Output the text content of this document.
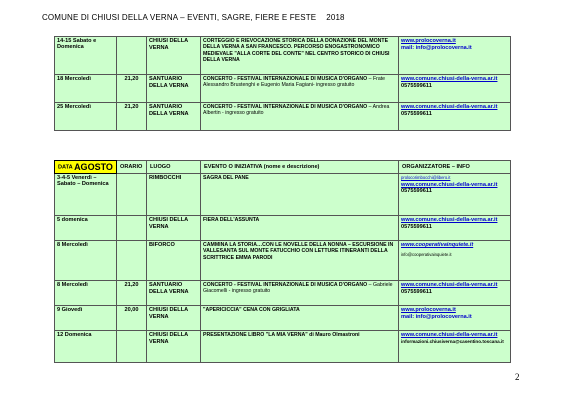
COMUNE DI CHIUSI DELLA VERNA – EVENTI, SAGRE, FIERE E FESTE 2018
14-15 Sabato e Domenica		CHIUSI DELLA VERNA	CORTEGGIO E RIEVOCAZIONE STORICA DELLA DONAZIONE DEL MONTE DELLA VERNA A SAN FRANCESCO. PERCORSO ENOGASTRONOMICO MEDIEVALE "ALLA CORTE DEL CONTE" NEL CENTRO STORICO DI CHIUSI DELLA VERNA	www.prolocoverna.it
mail: info@prolocoverna.it

18 Mercoledì	21,20	SANTUARIO DELLA VERNA	CONCERTO - FESTIVAL INTERNAZIONALE DI MUSICA D'ORGANO – Frate Alessandro Brustenghi e Eugenio Maria Fagiani- ingresso gratuito	www.comune.chiusi-della-verna.ar.it
0575599611

25 Mercoledì	21,20	SANTUARIO DELLA VERNA	CONCERTO - FESTIVAL INTERNAZIONALE DI MUSICA D'ORGANO – Andrea Albertin - ingresso gratuito	www.comune.chiusi-della-verna.ar.it
0575599611
DATA AGOSTO	ORARIO	LUOGO	EVENTO O INIZIATIVA (nome e descrizione)	ORGANIZZATORE – INFO
3-4-5 Venerdì – Sabato – Domenica		RIMBOCCHI	SAGRA DEL PANE	prolocorimbocchi@libero.it
www.comune.chiusi-della-verna.ar.it
0575599611

5 domenica		CHIUSI DELLA VERNA	FIERA DELL'ASSUNTA	www.comune.chiusi-della-verna.ar.it
0575599611

8 Mercoledì		BIFORCO	CAMMINA LA STORIA…CON LE NOVELLE DELLA NONNA – ESCURSIONE IN VALLESANTA SUL MONTE FATUCCHIO CON LETTURE ITINERANTI DELLA SCRITTRICE EMMA PARODI	www.cooperativainquiete.it
info@cooperativainquiete.it

8 Mercoledì	21,20	SANTUARIO DELLA VERNA	CONCERTO - FESTIVAL INTERNAZIONALE DI MUSICA D'ORGANO – Gabriele Giacomelli - ingresso gratuito	www.comune.chiusi-della-verna.ar.it
0575599611

9 Giovedì	20,00	CHIUSI DELLA VERNA	"APERICICCIA" CENA CON GRIGLIATA	www.prolocoverna.it
mail: info@prolocoverna.it

12 Domenica		CHIUSI DELLA VERNA	PRESENTAZIONE LIBRO "LA MIA VERNA" di Mauro Olmastroni	www.comune.chiusi-della-verna.ar.it
informazioni.chiusiverna@casentino.toscana.it
2
